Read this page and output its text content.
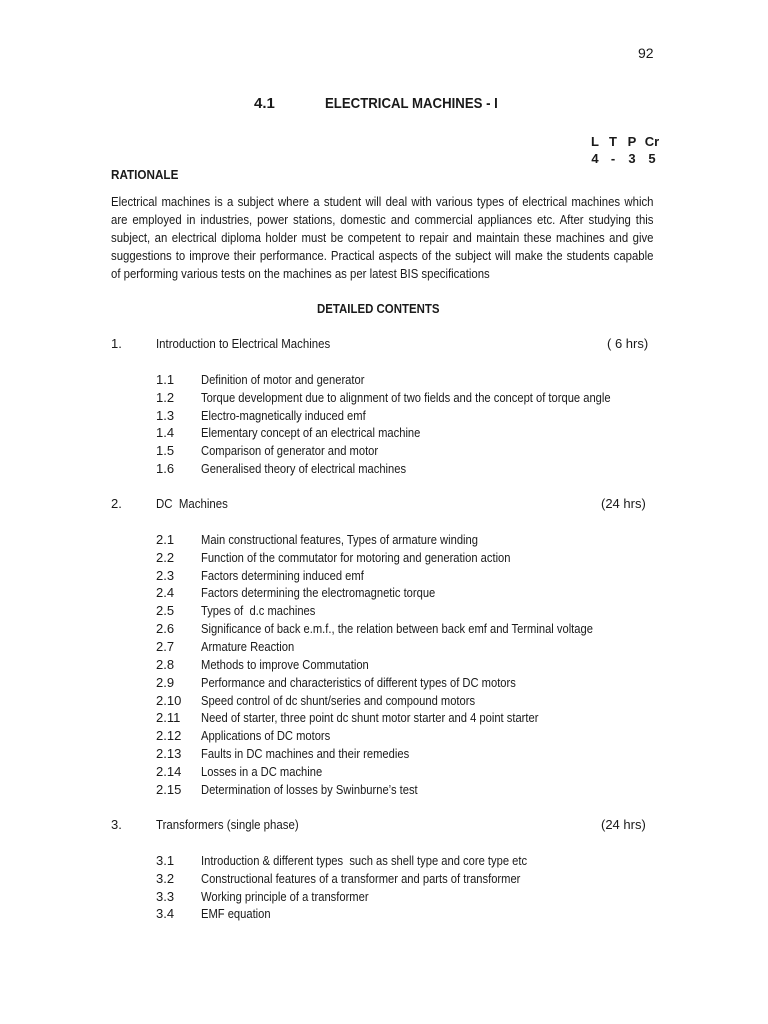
92
4.1	ELECTRICAL MACHINES - I
L T P Cr
4 -	3 5
RATIONALE
Electrical machines is a subject where a student will deal with various types of electrical machines which are employed in industries, power stations, domestic and commercial appliances etc. After studying this subject, an electrical diploma holder must be competent to repair and maintain these machines and give suggestions to improve their performance. Practical aspects of the subject will make the students capable of performing various tests on the machines as per latest BIS specifications
DETAILED CONTENTS
1.	Introduction to Electrical Machines	( 6 hrs)
1.1 Definition of motor and generator
1.2 Torque development due to alignment of two fields and the concept of torque angle
1.3 Electro-magnetically induced emf
1.4 Elementary concept of an electrical machine
1.5 Comparison of generator and motor
1.6 Generalised theory of electrical machines
2.	DC  Machines	(24 hrs)
2.1 Main constructional features, Types of armature winding
2.2 Function of the commutator for motoring and generation action
2.3 Factors determining induced emf
2.4 Factors determining the electromagnetic torque
2.5 Types of  d.c machines
2.6 Significance of back e.m.f., the relation between back emf and Terminal voltage
2.7 Armature Reaction
2.8 Methods to improve Commutation
2.9 Performance and characteristics of different types of DC motors
2.10 Speed control of dc shunt/series and compound motors
2.11 Need of starter, three point dc shunt motor starter and 4 point starter
2.12 Applications of DC motors
2.13 Faults in DC machines and their remedies
2.14 Losses in a DC machine
2.15 Determination of losses by Swinburne’s test
3.	Transformers (single phase)	(24 hrs)
3.1 Introduction & different types  such as shell type and core type etc
3.2 Constructional features of a transformer and parts of transformer
3.3 Working principle of a transformer
3.4 EMF equation
